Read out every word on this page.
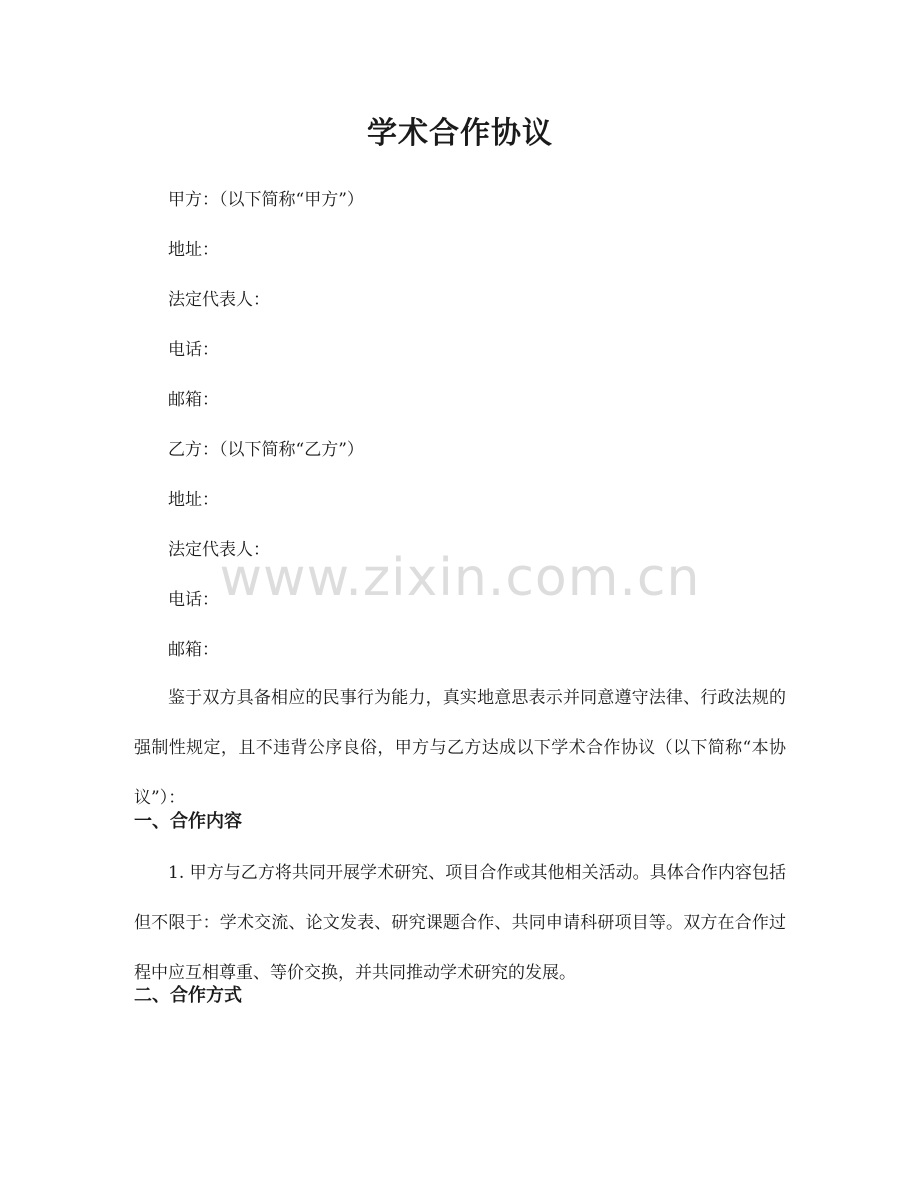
学术合作协议

甲方：（以下简称“甲方”）

地址：

法定代表人：

电话：

邮箱：

乙方：（以下简称“乙方”）

地址：

法定代表人：

电话：

邮箱：

鉴于双方具备相应的民事行为能力，真实地意思表示并同意遵守法律、行政法规的强制性规定，且不违背公序良俗，甲方与乙方达成以下学术合作协议（以下简称“本协议”）：

一、合作内容

1. 甲方与乙方将共同开展学术研究、项目合作或其他相关活动。具体合作内容包括但不限于：学术交流、论文发表、研究课题合作、共同申请科研项目等。双方在合作过程中应互相尊重、等价交换，并共同推动学术研究的发展。

二、合作方式
www.zixin.com.cn
